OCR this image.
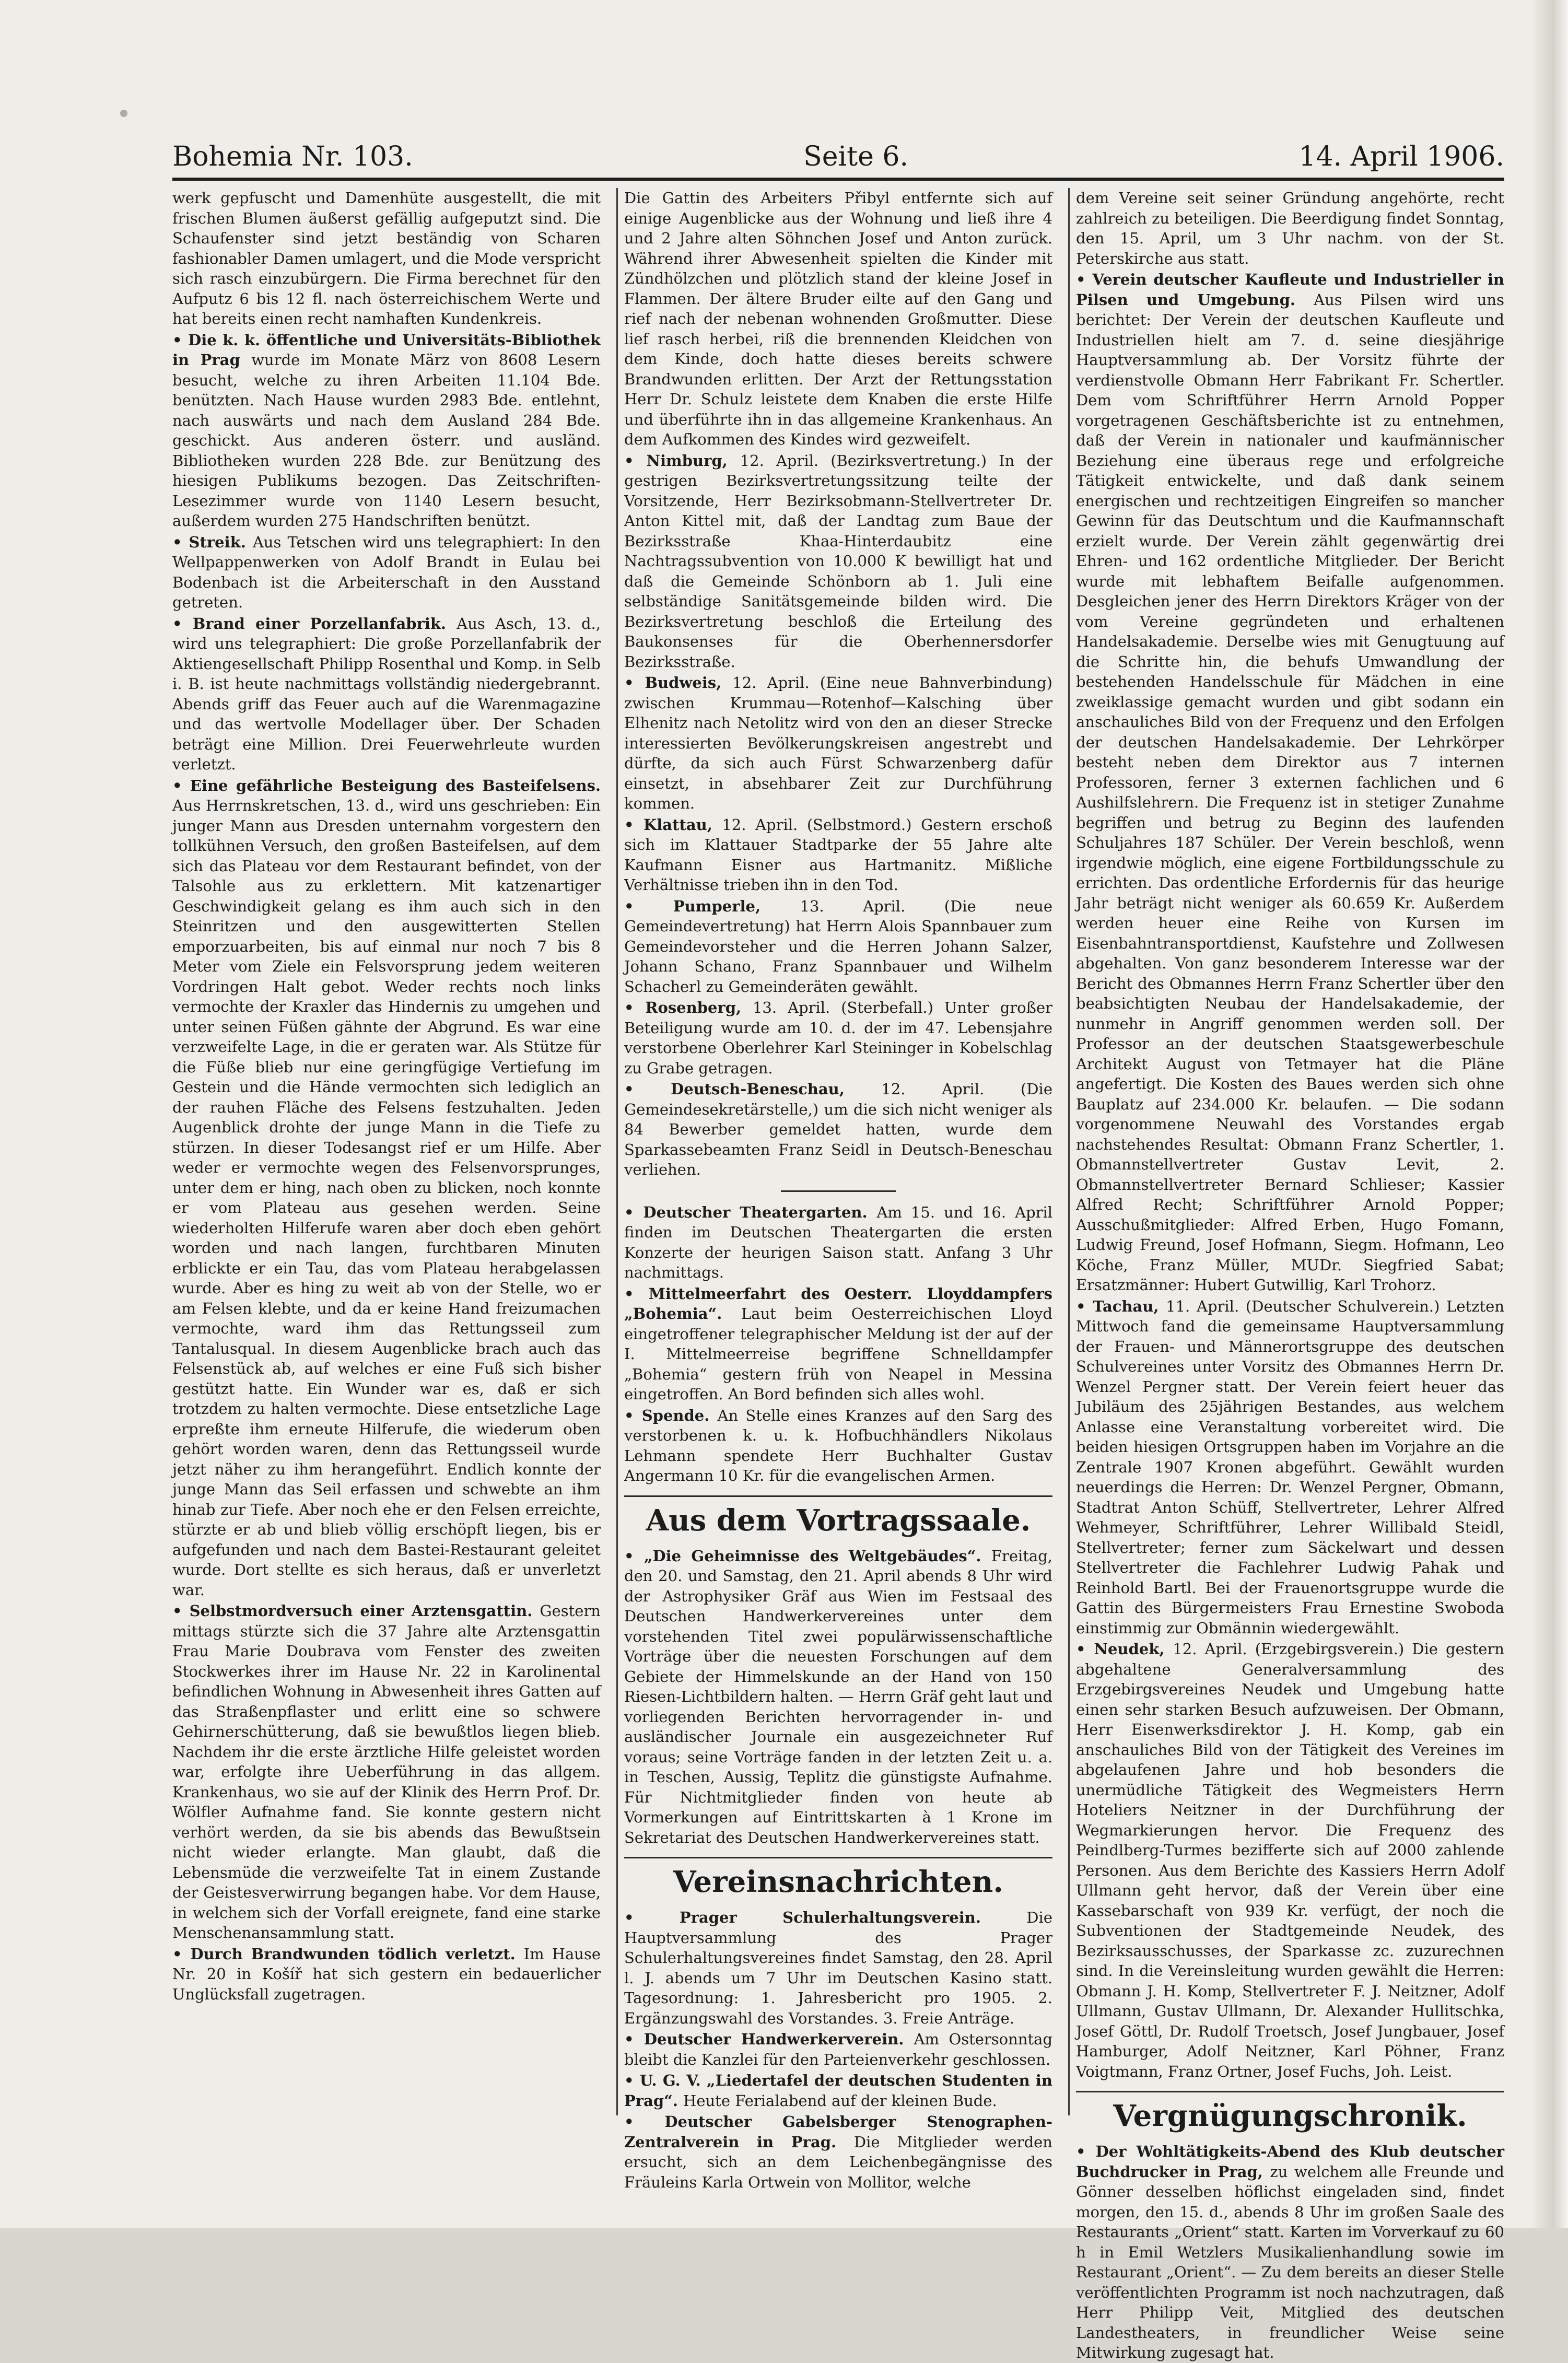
Bohemia Nr. 103.	Seite 6.	14. April 1906.

werk gepfuscht und Damenhüte ausgestellt, die mit frischen Blumen äußerst gefällig aufgeputzt sind. Die Schaufenster sind jetzt beständig von Scharen fashionabler Damen umlagert, und die Mode verspricht sich rasch einzubürgern. Die Firma berechnet für den Aufputz 6 bis 12 fl. nach österreichischem Werte und hat bereits einen recht namhaften Kundenkreis.

• Die k. k. öffentliche und Universitäts-Bibliothek in Prag wurde im Monate März von 8608 Lesern besucht, welche zu ihren Arbeiten 11.104 Bde. benützten. Nach Hause wurden 2983 Bde. entlehnt, nach auswärts und nach dem Ausland 284 Bde. geschickt. Aus anderen österr. und ausländ. Bibliotheken wurden 228 Bde. zur Benützung des hiesigen Publikums bezogen. Das Zeitschriften-Lesezimmer wurde von 1140 Lesern besucht, außerdem wurden 275 Handschriften benützt.

• Streik. Aus Tetschen wird uns telegraphiert: In den Wellpappenwerken von Adolf Brandt in Eulau bei Bodenbach ist die Arbeiterschaft in den Ausstand getreten.

• Brand einer Porzellanfabrik. Aus Asch, 13. d., wird uns telegraphiert: Die große Porzellanfabrik der Aktiengesellschaft Philipp Rosenthal und Komp. in Selb i. B. ist heute nachmittags vollständig niedergebrannt. Abends griff das Feuer auch auf die Warenmagazine und das wertvolle Modellager über. Der Schaden beträgt eine Million. Drei Feuerwehrleute wurden verletzt.

• Eine gefährliche Besteigung des Basteifelsens. Aus Herrnskretschen, 13. d., wird uns geschrieben: Ein junger Mann aus Dresden unternahm vorgestern den tollkühnen Versuch, den großen Basteifelsen, auf dem sich das Plateau vor dem Restaurant befindet, von der Talsohle aus zu erklettern. Mit katzenartiger Geschwindigkeit gelang es ihm auch sich in den Steinritzen und den ausgewitterten Stellen emporzuarbeiten, bis auf einmal nur noch 7 bis 8 Meter vom Ziele ein Felsvorsprung jedem weiteren Vordringen Halt gebot. Weder rechts noch links vermochte der Kraxler das Hindernis zu umgehen und unter seinen Füßen gähnte der Abgrund. Es war eine verzweifelte Lage, in die er geraten war. Als Stütze für die Füße blieb nur eine geringfügige Vertiefung im Gestein und die Hände vermochten sich lediglich an der rauhen Fläche des Felsens festzuhalten. Jeden Augenblick drohte der junge Mann in die Tiefe zu stürzen. In dieser Todesangst rief er um Hilfe. Aber weder er vermochte wegen des Felsenvorsprunges, unter dem er hing, nach oben zu blicken, noch konnte er vom Plateau aus gesehen werden. Seine wiederholten Hilferufe waren aber doch eben gehört worden und nach langen, furchtbaren Minuten erblickte er ein Tau, das vom Plateau herabgelassen wurde. Aber es hing zu weit ab von der Stelle, wo er am Felsen klebte, und da er keine Hand freizumachen vermochte, ward ihm das Rettungsseil zum Tantalusqual. In diesem Augenblicke brach auch das Felsenstück ab, auf welches er eine Fuß sich bisher gestützt hatte. Ein Wunder war es, daß er sich trotzdem zu halten vermochte. Diese entsetzliche Lage erpreßte ihm erneute Hilferufe, die wiederum oben gehört worden waren, denn das Rettungsseil wurde jetzt näher zu ihm herangeführt. Endlich konnte der junge Mann das Seil erfassen und schwebte an ihm hinab zur Tiefe. Aber noch ehe er den Felsen erreichte, stürzte er ab und blieb völlig erschöpft liegen, bis er aufgefunden und nach dem Bastei-Restaurant geleitet wurde. Dort stellte es sich heraus, daß er unverletzt war.

• Selbstmordversuch einer Arztensgattin. Gestern mittags stürzte sich die 37 Jahre alte Arztensgattin Frau Marie Doubrava vom Fenster des zweiten Stockwerkes ihrer im Hause Nr. 22 in Karolinental befindlichen Wohnung in Abwesenheit ihres Gatten auf das Straßenpflaster und erlitt eine so schwere Gehirnerschütterung, daß sie bewußtlos liegen blieb. Nachdem ihr die erste ärztliche Hilfe geleistet worden war, erfolgte ihre Ueberführung in das allgem. Krankenhaus, wo sie auf der Klinik des Herrn Prof. Dr. Wölfler Aufnahme fand. Sie konnte gestern nicht verhört werden, da sie bis abends das Bewußtsein nicht wieder erlangte. Man glaubt, daß die Lebensmüde die verzweifelte Tat in einem Zustande der Geistesverwirrung begangen habe. Vor dem Hause, in welchem sich der Vorfall ereignete, fand eine starke Menschenansammlung statt.

• Durch Brandwunden tödlich verletzt. Im Hause Nr. 20 in Košíř hat sich gestern ein bedauerlicher Unglücksfall zugetragen.

Die Gattin des Arbeiters Přibyl entfernte sich auf einige Augenblicke aus der Wohnung und ließ ihre 4 und 2 Jahre alten Söhnchen Josef und Anton zurück. Während ihrer Abwesenheit spielten die Kinder mit Zündhölzchen und plötzlich stand der kleine Josef in Flammen. Der ältere Bruder eilte auf den Gang und rief nach der nebenan wohnenden Großmutter. Diese lief rasch herbei, riß die brennenden Kleidchen von dem Kinde, doch hatte dieses bereits schwere Brandwunden erlitten. Der Arzt der Rettungsstation Herr Dr. Schulz leistete dem Knaben die erste Hilfe und überführte ihn in das allgemeine Krankenhaus. An dem Aufkommen des Kindes wird gezweifelt.

• Nimburg, 12. April. (Bezirksvertretung.) In der gestrigen Bezirksvertretungssitzung teilte der Vorsitzende, Herr Bezirksobmann-Stellvertreter Dr. Anton Kittel mit, daß der Landtag zum Baue der Bezirksstraße Khaa-Hinterdaubitz eine Nachtragssubvention von 10.000 K bewilligt hat und daß die Gemeinde Schönborn ab 1. Juli eine selbständige Sanitätsgemeinde bilden wird. Die Bezirksvertretung beschloß die Erteilung des Baukonsenses für die Oberhennersdorfer Bezirksstraße.

• Budweis, 12. April. (Eine neue Bahnverbindung) zwischen Krummau—Rotenhof—Kalsching über Elhenitz nach Netolitz wird von den an dieser Strecke interessierten Bevölkerungskreisen angestrebt und dürfte, da sich auch Fürst Schwarzenberg dafür einsetzt, in absehbarer Zeit zur Durchführung kommen.

• Klattau, 12. April. (Selbstmord.) Gestern erschoß sich im Klattauer Stadtparke der 55 Jahre alte Kaufmann Eisner aus Hartmanitz. Mißliche Verhältnisse trieben ihn in den Tod.

• Pumperle, 13. April. (Die neue Gemeindevertretung) hat Herrn Alois Spannbauer zum Gemeindevorsteher und die Herren Johann Salzer, Johann Schano, Franz Spannbauer und Wilhelm Schacherl zu Gemeinderäten gewählt.

• Rosenberg, 13. April. (Sterbefall.) Unter großer Beteiligung wurde am 10. d. der im 47. Lebensjahre verstorbene Oberlehrer Karl Steininger in Kobelschlag zu Grabe getragen.

• Deutsch-Beneschau, 12. April. (Die Gemeindesekretärstelle,) um die sich nicht weniger als 84 Bewerber gemeldet hatten, wurde dem Sparkassebeamten Franz Seidl in Deutsch-Beneschau verliehen.

• Deutscher Theatergarten. Am 15. und 16. April finden im Deutschen Theatergarten die ersten Konzerte der heurigen Saison statt. Anfang 3 Uhr nachmittags.

• Mittelmeerfahrt des Oesterr. Lloyddampfers „Bohemia“. Laut beim Oesterreichischen Lloyd eingetroffener telegraphischer Meldung ist der auf der I. Mittelmeerreise begriffene Schnelldampfer „Bohemia“ gestern früh von Neapel in Messina eingetroffen. An Bord befinden sich alles wohl.

• Spende. An Stelle eines Kranzes auf den Sarg des verstorbenen k. u. k. Hofbuchhändlers Nikolaus Lehmann spendete Herr Buchhalter Gustav Angermann 10 Kr. für die evangelischen Armen.

Aus dem Vortragssaale.

• „Die Geheimnisse des Weltgebäudes“. Freitag, den 20. und Samstag, den 21. April abends 8 Uhr wird der Astrophysiker Gräf aus Wien im Festsaal des Deutschen Handwerkervereines unter dem vorstehenden Titel zwei populärwissenschaftliche Vorträge über die neuesten Forschungen auf dem Gebiete der Himmelskunde an der Hand von 150 Riesen-Lichtbildern halten. — Herrn Gräf geht laut und vorliegenden Berichten hervorragender in- und ausländischer Journale ein ausgezeichneter Ruf voraus; seine Vorträge fanden in der letzten Zeit u. a. in Teschen, Aussig, Teplitz die günstigste Aufnahme. Für Nichtmitglieder finden von heute ab Vormerkungen auf Eintrittskarten à 1 Krone im Sekretariat des Deutschen Handwerkervereines statt.

Vereinsnachrichten.

• Prager Schulerhaltungsverein. Die Hauptversammlung des Prager Schulerhaltungsvereines findet Samstag, den 28. April l. J. abends um 7 Uhr im Deutschen Kasino statt. Tagesordnung: 1. Jahresbericht pro 1905. 2. Ergänzungswahl des Vorstandes. 3. Freie Anträge.

• Deutscher Handwerkerverein. Am Ostersonntag bleibt die Kanzlei für den Parteienverkehr geschlossen.

• U. G. V. „Liedertafel der deutschen Studenten in Prag“. Heute Ferialabend auf der kleinen Bude.

• Deutscher Gabelsberger Stenographen-Zentralverein in Prag. Die Mitglieder werden ersucht, sich an dem Leichenbegängnisse des Fräuleins Karla Ortwein von Mollitor, welche

dem Vereine seit seiner Gründung angehörte, recht zahlreich zu beteiligen. Die Beerdigung findet Sonntag, den 15. April, um 3 Uhr nachm. von der St. Peterskirche aus statt.

• Verein deutscher Kaufleute und Industrieller in Pilsen und Umgebung. Aus Pilsen wird uns berichtet: Der Verein der deutschen Kaufleute und Industriellen hielt am 7. d. seine diesjährige Hauptversammlung ab. Der Vorsitz führte der verdienstvolle Obmann Herr Fabrikant Fr. Schertler. Dem vom Schriftführer Herrn Arnold Popper vorgetragenen Geschäftsberichte ist zu entnehmen, daß der Verein in nationaler und kaufmännischer Beziehung eine überaus rege und erfolgreiche Tätigkeit entwickelte, und daß dank seinem energischen und rechtzeitigen Eingreifen so mancher Gewinn für das Deutschtum und die Kaufmannschaft erzielt wurde. Der Verein zählt gegenwärtig drei Ehren- und 162 ordentliche Mitglieder. Der Bericht wurde mit lebhaftem Beifalle aufgenommen. Desgleichen jener des Herrn Direktors Kräger von der vom Vereine gegründeten und erhaltenen Handelsakademie. Derselbe wies mit Genugtuung auf die Schritte hin, die behufs Umwandlung der bestehenden Handelsschule für Mädchen in eine zweiklassige gemacht wurden und gibt sodann ein anschauliches Bild von der Frequenz und den Erfolgen der deutschen Handelsakademie. Der Lehrkörper besteht neben dem Direktor aus 7 internen Professoren, ferner 3 externen fachlichen und 6 Aushilfslehrern. Die Frequenz ist in stetiger Zunahme begriffen und betrug zu Beginn des laufenden Schuljahres 187 Schüler. Der Verein beschloß, wenn irgendwie möglich, eine eigene Fortbildungsschule zu errichten. Das ordentliche Erfordernis für das heurige Jahr beträgt nicht weniger als 60.659 Kr. Außerdem werden heuer eine Reihe von Kursen im Eisenbahntransportdienst, Kaufstehre und Zollwesen abgehalten. Von ganz besonderem Interesse war der Bericht des Obmannes Herrn Franz Schertler über den beabsichtigten Neubau der Handelsakademie, der nunmehr in Angriff genommen werden soll. Der Professor an der deutschen Staatsgewerbeschule Architekt August von Tetmayer hat die Pläne angefertigt. Die Kosten des Baues werden sich ohne Bauplatz auf 234.000 Kr. belaufen. — Die sodann vorgenommene Neuwahl des Vorstandes ergab nachstehendes Resultat: Obmann Franz Schertler, 1. Obmannstellvertreter Gustav Levit, 2. Obmannstellvertreter Bernard Schlieser; Kassier Alfred Recht; Schriftführer Arnold Popper; Ausschußmitglieder: Alfred Erben, Hugo Fomann, Ludwig Freund, Josef Hofmann, Siegm. Hofmann, Leo Köche, Franz Müller, MUDr. Siegfried Sabat; Ersatzmänner: Hubert Gutwillig, Karl Trohorz.

• Tachau, 11. April. (Deutscher Schulverein.) Letzten Mittwoch fand die gemeinsame Hauptversammlung der Frauen- und Männerortsgruppe des deutschen Schulvereines unter Vorsitz des Obmannes Herrn Dr. Wenzel Pergner statt. Der Verein feiert heuer das Jubiläum des 25jährigen Bestandes, aus welchem Anlasse eine Veranstaltung vorbereitet wird. Die beiden hiesigen Ortsgruppen haben im Vorjahre an die Zentrale 1907 Kronen abgeführt. Gewählt wurden neuerdings die Herren: Dr. Wenzel Pergner, Obmann, Stadtrat Anton Schüff, Stellvertreter, Lehrer Alfred Wehmeyer, Schriftführer, Lehrer Willibald Steidl, Stellvertreter; ferner zum Säckelwart und dessen Stellvertreter die Fachlehrer Ludwig Pahak und Reinhold Bartl. Bei der Frauenortsgruppe wurde die Gattin des Bürgermeisters Frau Ernestine Swoboda einstimmig zur Obmännin wiedergewählt.

• Neudek, 12. April. (Erzgebirgsverein.) Die gestern abgehaltene Generalversammlung des Erzgebirgsvereines Neudek und Umgebung hatte einen sehr starken Besuch aufzuweisen. Der Obmann, Herr Eisenwerksdirektor J. H. Komp, gab ein anschauliches Bild von der Tätigkeit des Vereines im abgelaufenen Jahre und hob besonders die unermüdliche Tätigkeit des Wegmeisters Herrn Hoteliers Neitzner in der Durchführung der Wegmarkierungen hervor. Die Frequenz des Peindlberg-Turmes bezifferte sich auf 2000 zahlende Personen. Aus dem Berichte des Kassiers Herrn Adolf Ullmann geht hervor, daß der Verein über eine Kassebarschaft von 939 Kr. verfügt, der noch die Subventionen der Stadtgemeinde Neudek, des Bezirksausschusses, der Sparkasse zc. zuzurechnen sind. In die Vereinsleitung wurden gewählt die Herren: Obmann J. H. Komp, Stellvertreter F. J. Neitzner, Adolf Ullmann, Gustav Ullmann, Dr. Alexander Hullitschka, Josef Göttl, Dr. Rudolf Troetsch, Josef Jungbauer, Josef Hamburger, Adolf Neitzner, Karl Pöhner, Franz Voigtmann, Franz Ortner, Josef Fuchs, Joh. Leist.

Vergnügungschronik.

• Der Wohltätigkeits-Abend des Klub deutscher Buchdrucker in Prag, zu welchem alle Freunde und Gönner desselben höflichst eingeladen sind, findet morgen, den 15. d., abends 8 Uhr im großen Saale des Restaurants „Orient“ statt. Karten im Vorverkauf zu 60 h in Emil Wetzlers Musikalienhandlung sowie im Restaurant „Orient“. — Zu dem bereits an dieser Stelle veröffentlichten Programm ist noch nachzutragen, daß Herr Philipp Veit, Mitglied des deutschen Landestheaters, in freundlicher Weise seine Mitwirkung zugesagt hat.
